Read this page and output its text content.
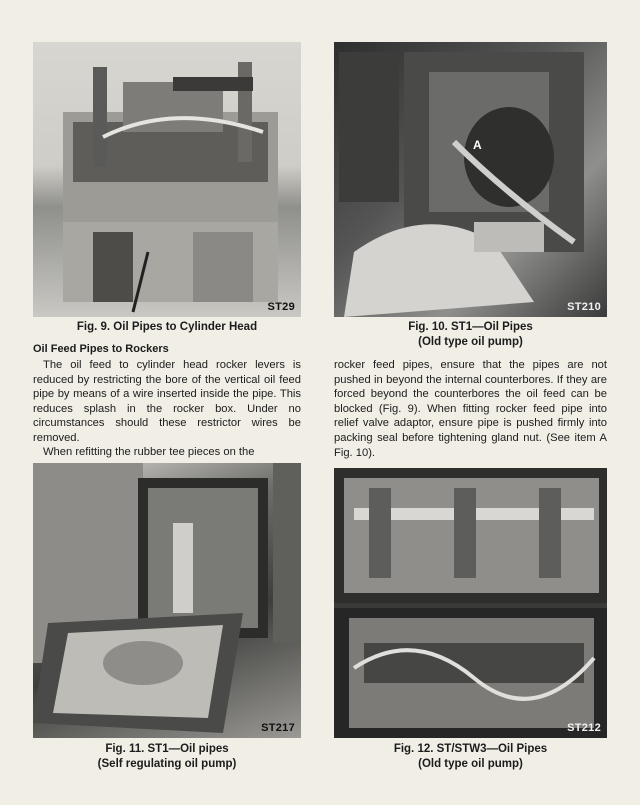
ST29
Fig. 9. Oil Pipes to Cylinder Head
A
ST210
Fig. 10. ST1—Oil Pipes
(Old type oil pump)
Oil Feed Pipes to Rockers

The oil feed to cylinder head rocker levers is reduced by restricting the bore of the vertical oil feed pipe by means of a wire inserted inside the pipe. This reduces splash in the rocker box. Under no circumstances should these restrictor wires be removed.

When refitting the rubber tee pieces on the

rocker feed pipes, ensure that the pipes are not pushed in beyond the internal counterbores. If they are forced beyond the counterbores the oil feed can be blocked (Fig. 9). When fitting rocker feed pipe into relief valve adaptor, ensure pipe is pushed firmly into packing seal before tightening gland nut. (See item A Fig. 10).

ST217
Fig. 11. ST1—Oil pipes
(Self regulating oil pump)
ST212
Fig. 12. ST/STW3—Oil Pipes
(Old type oil pump)
